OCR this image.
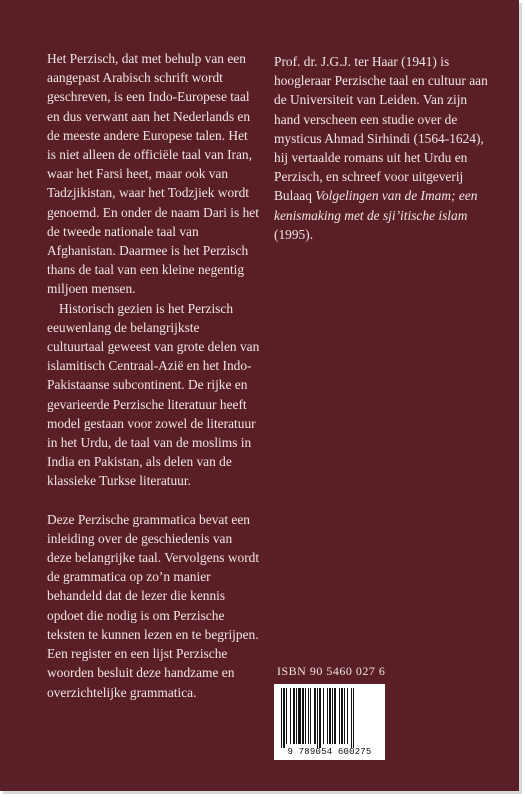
Het Perzisch, dat met behulp van een aangepast Arabisch schrift wordt geschreven, is een Indo-Europese taal en dus verwant aan het Nederlands en de meeste andere Europese talen. Het is niet alleen de officiële taal van Iran, waar het Farsi heet, maar ook van Tadzjikistan, waar het Todzjiek wordt genoemd. En onder de naam Dari is het de tweede nationale taal van Afghanistan. Daarmee is het Perzisch thans de taal van een kleine negentig miljoen mensen.

Historisch gezien is het Perzisch eeuwenlang de belangrijkste cultuurtaal geweest van grote delen van islamitisch Centraal-Azië en het Indo-Pakistaanse subcontinent. De rijke en gevarieerde Perzische literatuur heeft model gestaan voor zowel de literatuur in het Urdu, de taal van de moslims in India en Pakistan, als delen van de klassieke Turkse literatuur.

Deze Perzische grammatica bevat een inleiding over de geschiedenis van deze belangrijke taal. Vervolgens wordt de grammatica op zo’n manier behandeld dat de lezer die kennis opdoet die nodig is om Perzische teksten te kunnen lezen en te begrijpen. Een register en een lijst Perzische woorden besluit deze handzame en overzichtelijke grammatica.

Prof. dr. J.G.J. ter Haar (1941) is hoogleraar Perzische taal en cultuur aan de Universiteit van Leiden. Van zijn hand verscheen een studie over de mysticus Ahmad Sirhindi (1564-1624), hij vertaalde romans uit het Urdu en Perzisch, en schreef voor uitgeverij Bulaaq Volgelingen van de Imam; een kenismaking met de sji’itische islam (1995).

ISBN 90 5460 027 6
9 789054 600275
